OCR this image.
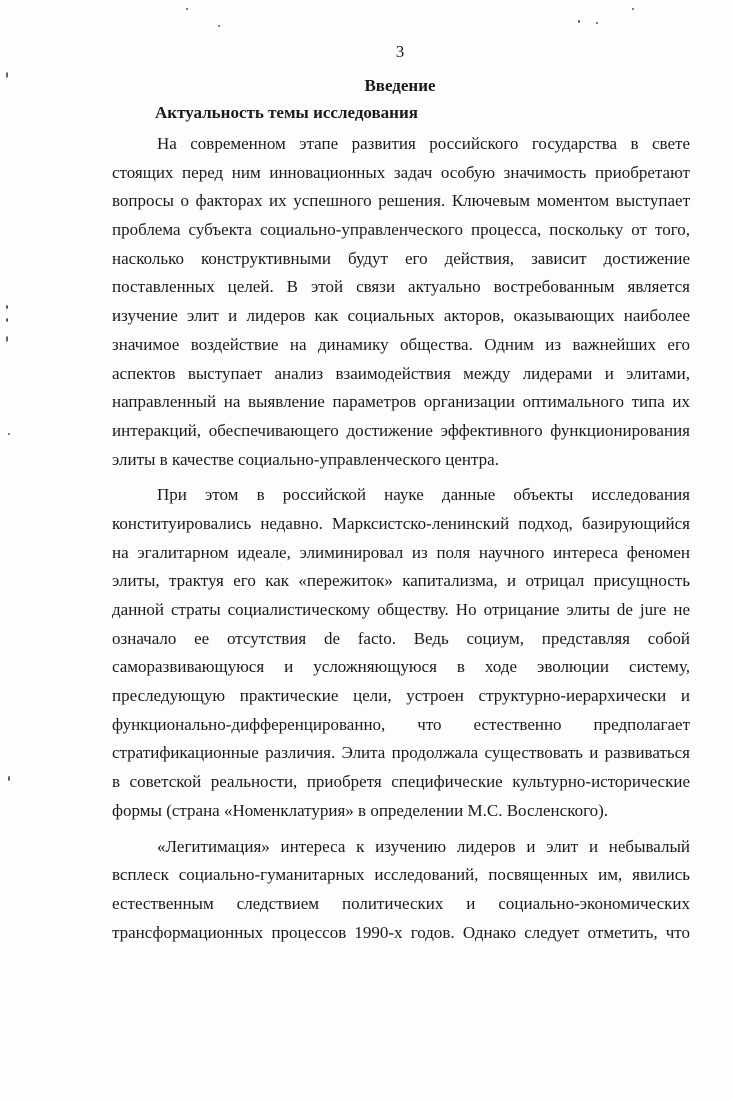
3
Введение
Актуальность темы исследования
На современном этапе развития российского государства в свете
стоящих перед ним инновационных задач особую значимость приобретают
вопросы о факторах их успешного решения. Ключевым моментом выступает
проблема субъекта социально-управленческого процесса, поскольку от того,
насколько конструктивными будут его действия, зависит достижение
поставленных целей. В этой связи актуально востребованным является
изучение элит и лидеров как социальных акторов, оказывающих наиболее
значимое воздействие на динамику общества. Одним из важнейших его
аспектов выступает анализ взаимодействия между лидерами и элитами,
направленный на выявление параметров организации оптимального типа их
интеракций, обеспечивающего достижение эффективного функционирования
элиты в качестве социально-управленческого центра.
При этом в российской науке данные объекты исследования
конституировались недавно. Марксистско-ленинский подход, базирующийся
на эгалитарном идеале, элиминировал из поля научного интереса феномен
элиты, трактуя его как «пережиток» капитализма, и отрицал присущность
данной страты социалистическому обществу. Но отрицание элиты de jure не
означало ее отсутствия de facto. Ведь социум, представляя собой
саморазвивающуюся и усложняющуюся в ходе эволюции систему,
преследующую практические цели, устроен структурно-иерархически и
функционально-дифференцированно, что естественно предполагает
стратификационные различия. Элита продолжала существовать и развиваться
в советской реальности, приобретя специфические культурно-исторические
формы (страна «Номенклатурия» в определении М.С. Восленского).
«Легитимация» интереса к изучению лидеров и элит и небывалый
всплеск социально-гуманитарных исследований, посвященных им, явились
естественным следствием политических и социально-экономических
трансформационных процессов 1990-х годов. Однако следует отметить, что
